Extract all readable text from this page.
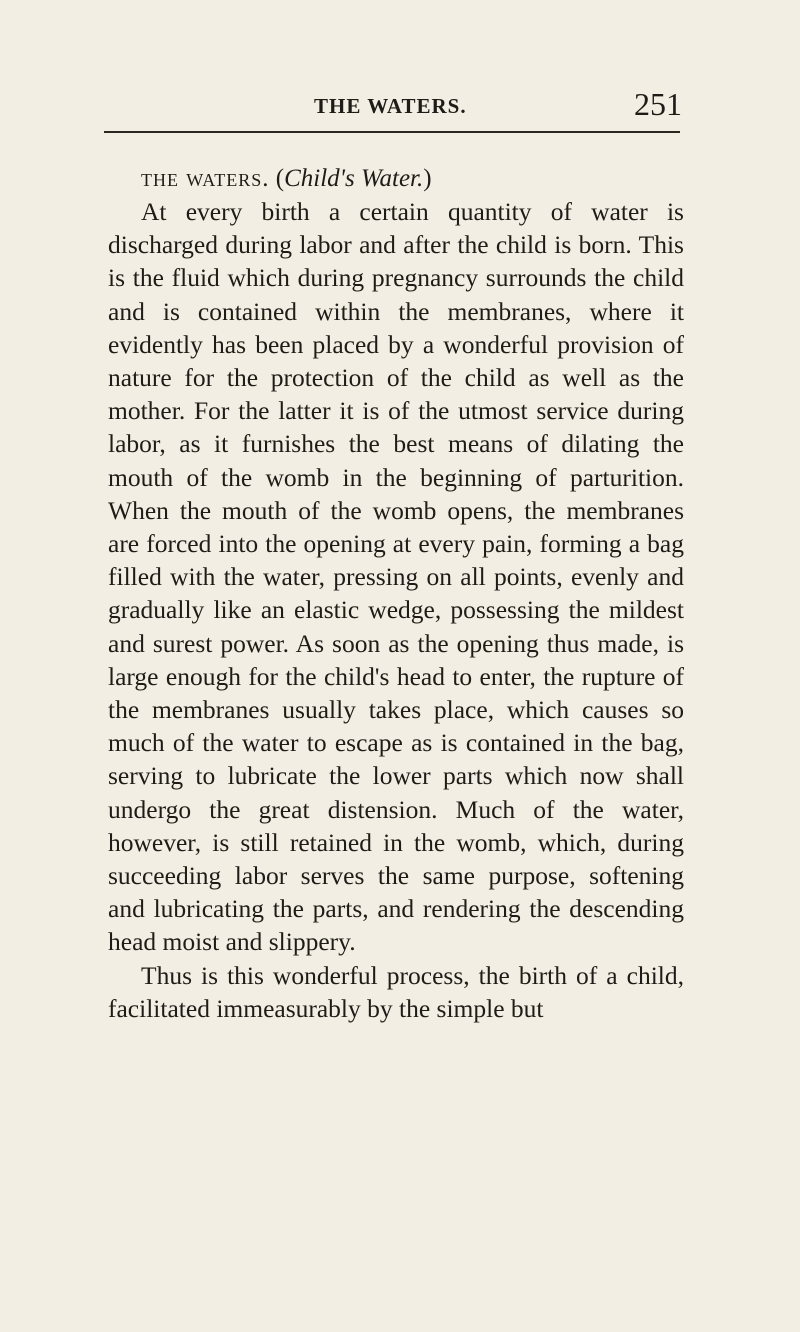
THE WATERS.	251
the waters. (Child's Water.)

At every birth a certain quantity of water is discharged during labor and after the child is born. This is the fluid which during pregnancy surrounds the child and is contained within the membranes, where it evidently has been placed by a wonderful provision of nature for the protection of the child as well as the mother. For the latter it is of the utmost service during labor, as it furnishes the best means of dilating the mouth of the womb in the beginning of parturition. When the mouth of the womb opens, the membranes are forced into the opening at every pain, forming a bag filled with the water, pressing on all points, evenly and gradually like an elastic wedge, possessing the mildest and surest power. As soon as the opening thus made, is large enough for the child's head to enter, the rupture of the membranes usually takes place, which causes so much of the water to escape as is contained in the bag, serving to lubricate the lower parts which now shall undergo the great distension. Much of the water, however, is still retained in the womb, which, during succeeding labor serves the same purpose, softening and lubricating the parts, and rendering the descending head moist and slippery.

Thus is this wonderful process, the birth of a child, facilitated immeasurably by the simple but
